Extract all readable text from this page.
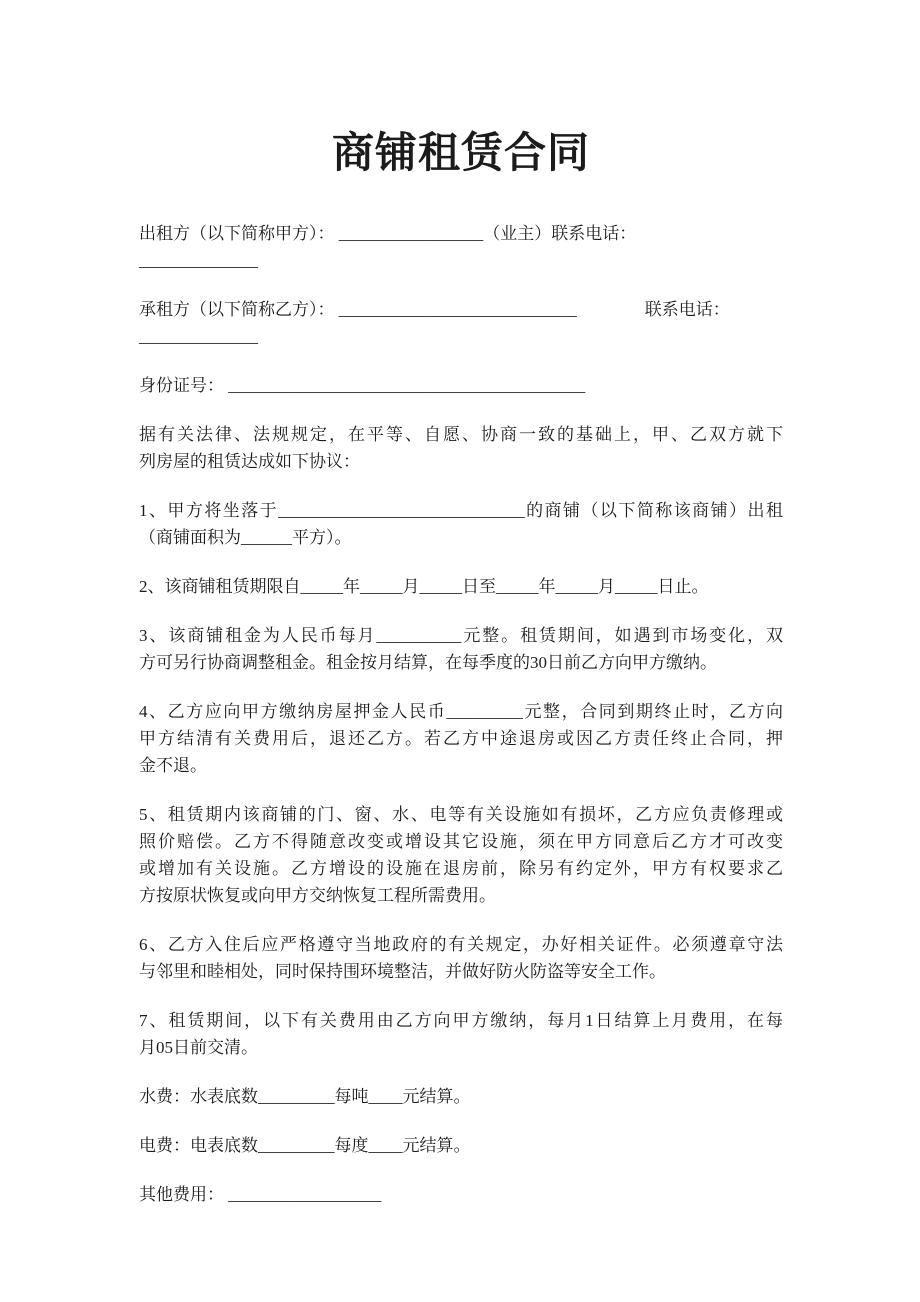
商铺租赁合同

出租方（以下简称甲方）： _________________（业主）联系电话：
______________

承租方（以下简称乙方）： ____________________________　　　　联系电话：
______________

身份证号： __________________________________________

据有关法律、法规规定，在平等、自愿、协商一致的基础上，甲、乙双方就下
列房屋的租赁达成如下协议：

1、甲方将坐落于_____________________________的商铺（以下简称该商铺）出租
（商铺面积为______平方）。

2、该商铺租赁期限自_____年_____月_____日至_____年_____月_____日止。

3、该商铺租金为人民币每月__________元整。租赁期间，如遇到市场变化，双
方可另行协商调整租金。租金按月结算，在每季度的30日前乙方向甲方缴纳。

4、乙方应向甲方缴纳房屋押金人民币_________元整，合同到期终止时，乙方向
甲方结清有关费用后，退还乙方。若乙方中途退房或因乙方责任终止合同，押
金不退。

5、租赁期内该商铺的门、窗、水、电等有关设施如有损坏，乙方应负责修理或
照价赔偿。乙方不得随意改变或增设其它设施，须在甲方同意后乙方才可改变
或增加有关设施。乙方增设的设施在退房前，除另有约定外，甲方有权要求乙
方按原状恢复或向甲方交纳恢复工程所需费用。

6、乙方入住后应严格遵守当地政府的有关规定，办好相关证件。必须遵章守法
与邻里和睦相处，同时保持围环境整洁，并做好防火防盗等安全工作。

7、租赁期间，以下有关费用由乙方向甲方缴纳，每月1日结算上月费用，在每
月05日前交清。

水费：水表底数_________每吨____元结算。

电费：电表底数_________每度____元结算。

其他费用： __________________
